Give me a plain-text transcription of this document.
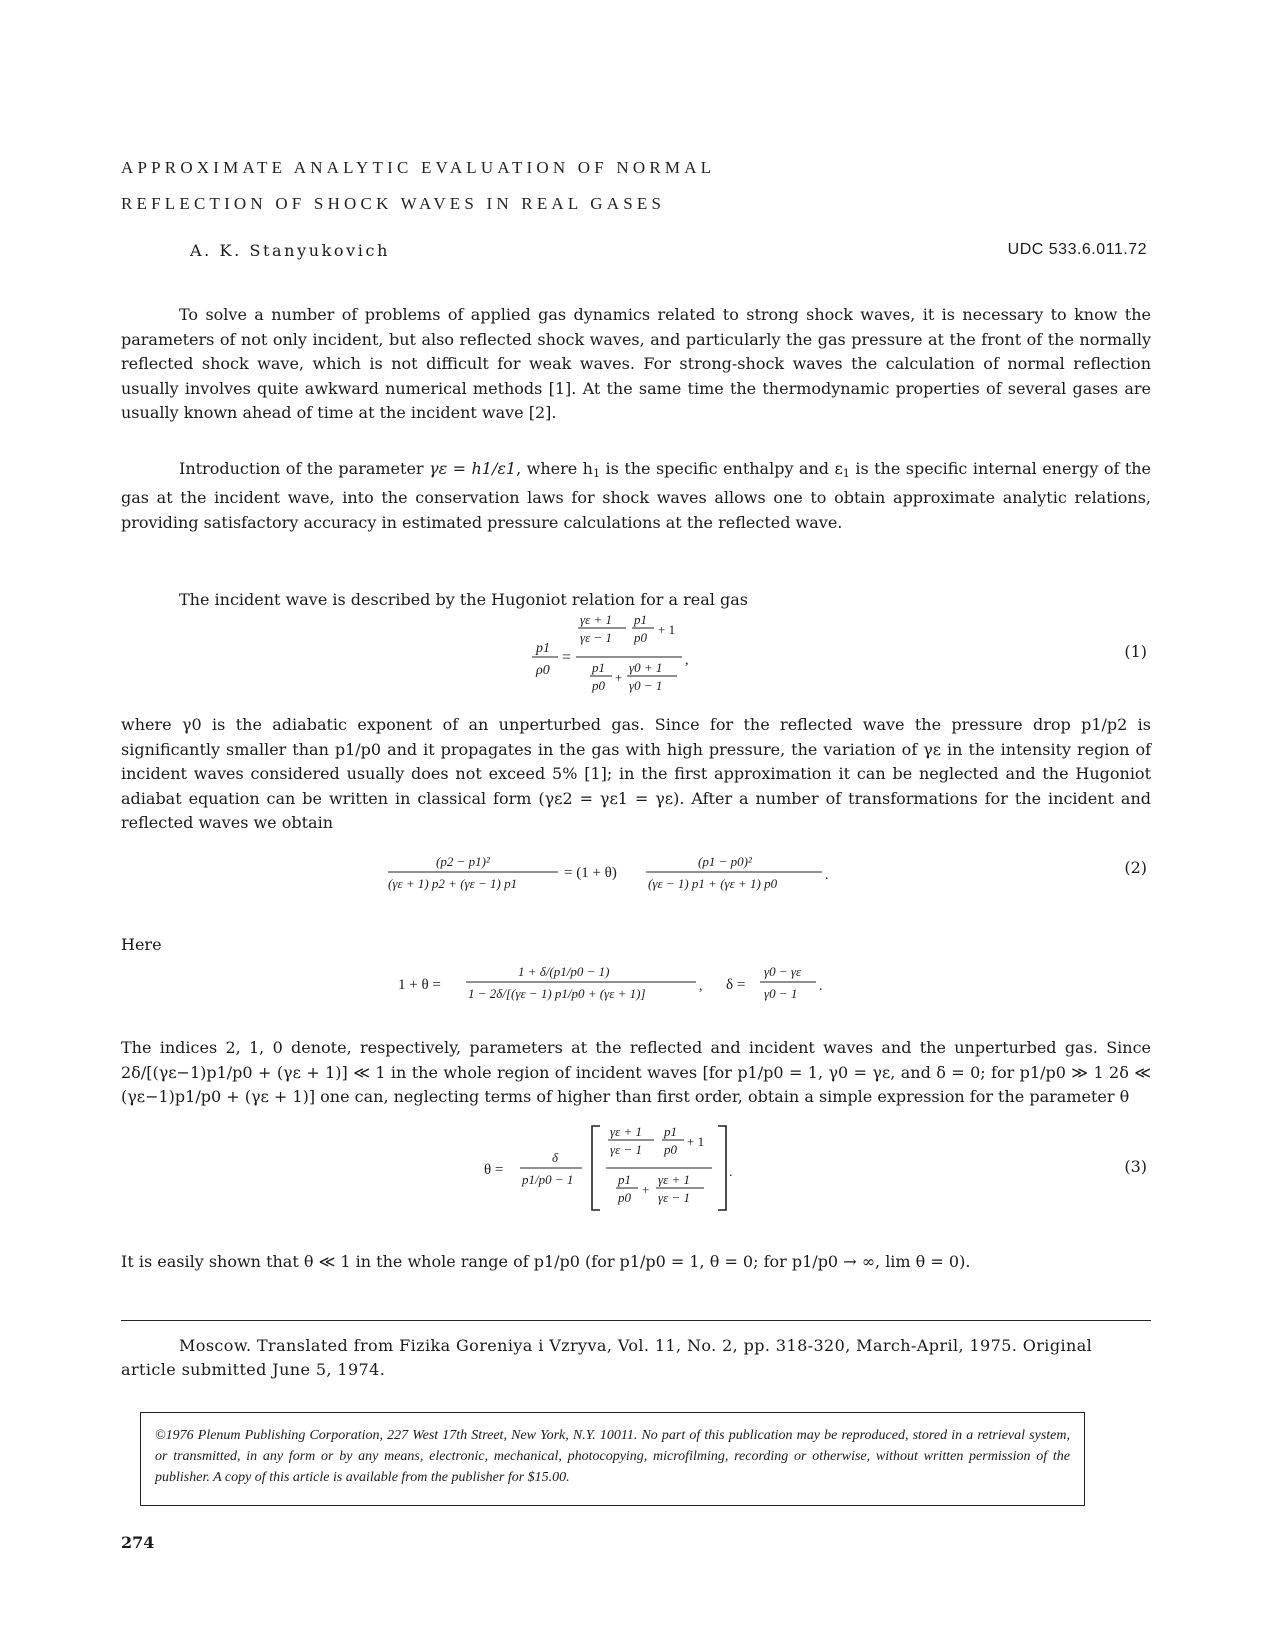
APPROXIMATE ANALYTIC EVALUATION OF NORMAL
REFLECTION OF SHOCK WAVES IN REAL GASES
A. K. Stanyukovich	UDC 533.6.011.72

To solve a number of problems of applied gas dynamics related to strong shock waves, it is necessary to know the parameters of not only incident, but also reflected shock waves, and particularly the gas pressure at the front of the normally reflected shock wave, which is not difficult for weak waves. For strong-shock waves the calculation of normal reflection usually involves quite awkward numerical methods [1]. At the same time the thermodynamic properties of several gases are usually known ahead of time at the incident wave [2].

Introduction of the parameter γε = h1/ε1, where $h_1$ is the specific enthalpy and $\varepsilon_1$ is the specific internal energy of the gas at the incident wave, into the conservation laws for shock waves allows one to obtain approximate analytic relations, providing satisfactory accuracy in estimated pressure calculations at the reflected wave.

The incident wave is described by the Hugoniot relation for a real gas

p1
ρ0
=
γε + 1
γε − 1
p1
p0
+ 1
p1
p0
+
γ0 + 1
γ0 − 1
,	(1)

where γ0 is the adiabatic exponent of an unperturbed gas. Since for the reflected wave the pressure drop p1/p2 is significantly smaller than p1/p0 and it propagates in the gas with high pressure, the variation of γε in the intensity region of incident waves considered usually does not exceed 5% [1]; in the first approximation it can be neglected and the Hugoniot adiabat equation can be written in classical form (γε2 = γε1 = γε). After a number of transformations for the incident and reflected waves we obtain

(p2 − p1)²
(γε + 1) p2 + (γε − 1) p1
= (1 + θ)
(p1 − p0)²
(γε − 1) p1 + (γε + 1) p0
.	(2)

Here

1 + θ =
1 + δ/(p1/p0 − 1)
1 − 2δ/[(γε − 1) p1/p0 + (γε + 1)]	, δ =
γ0 − γε
γ0 − 1 .

The indices 2, 1, 0 denote, respectively, parameters at the reflected and incident waves and the unperturbed gas. Since 2δ/[(γε−1)p1/p0 + (γε + 1)] ≪ 1 in the whole region of incident waves [for p1/p0 = 1, γ0 = γε, and δ = 0; for p1/p0 ≫ 1 2δ ≪ (γε−1)p1/p0 + (γε + 1)] one can, neglecting terms of higher than first order, obtain a simple expression for the parameter θ

θ =
δ
p1/p0 − 1
γε + 1
γε − 1
p1
p0
+ 1
p1
p0
+
γε + 1
γε − 1
.	(3)

It is easily shown that θ ≪ 1 in the whole range of p1/p0 (for p1/p0 = 1, θ = 0; for p1/p0 → ∞, lim θ = 0).

Moscow. Translated from Fizika Goreniya i Vzryva, Vol. 11, No. 2, pp. 318-320, March-April, 1975. Original article submitted June 5, 1974.

©1976 Plenum Publishing Corporation, 227 West 17th Street, New York, N.Y. 10011. No part of this publication may be reproduced, stored in a retrieval system, or transmitted, in any form or by any means, electronic, mechanical, photocopying, microfilming, recording or otherwise, without written permission of the publisher. A copy of this article is available from the publisher for $15.00.

274
